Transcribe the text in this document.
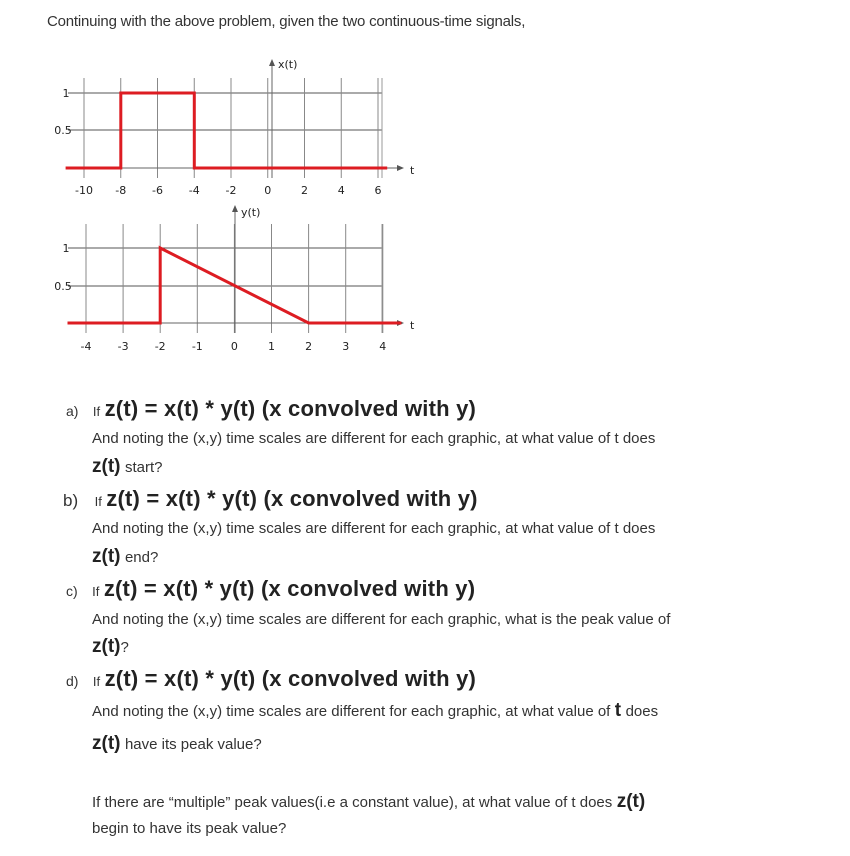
Continuing with the above problem, given the two continuous-time signals,
-10 -8 -6 -4 -2	0	2	4	6
1
0.5
x(t)
t
-4 -3 -2 -1	0	1	2	3	4
1
0.5
y(t)
t
a) If z(t) = x(t) * y(t) (x convolved with y)
And noting the (x,y) time scales are different for each graphic, at what value of t does
z(t) start?
b) If z(t) = x(t) * y(t) (x convolved with y)
And noting the (x,y) time scales are different for each graphic, at what value of t does
z(t) end?
c) If z(t) = x(t) * y(t) (x convolved with y)
And noting the (x,y) time scales are different for each graphic, what is the peak value of
z(t)?
d) If z(t) = x(t) * y(t) (x convolved with y)
And noting the (x,y) time scales are different for each graphic, at what value of t does
z(t) have its peak value?
If there are “multiple” peak values(i.e a constant value), at what value of t does z(t)
begin to have its peak value?
